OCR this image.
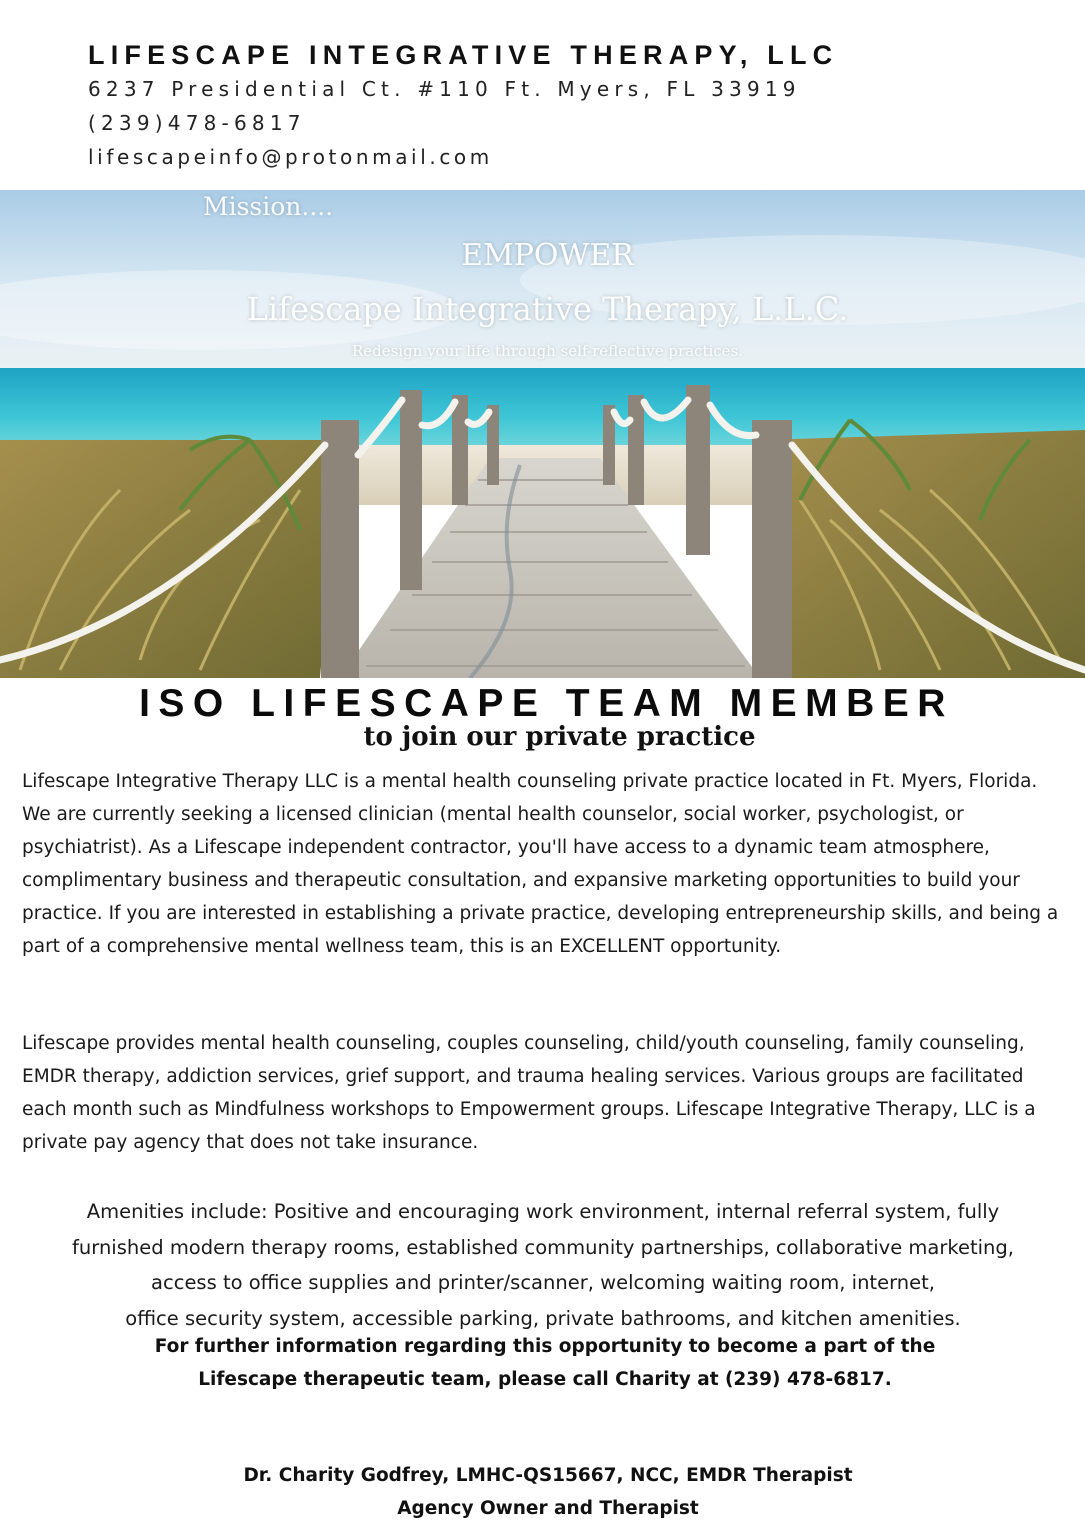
LIFESCAPE INTEGRATIVE THERAPY, LLC
6237 Presidential Ct. #110 Ft. Myers, FL 33919
(239)478-6817
lifescapeinfo@protonmail.com
Mission....
EMPOWER
Lifescape Integrative Therapy, L.L.C.
Redesign your life through self-reflective practices.
ISO LIFESCAPE TEAM MEMBER
to join our private practice

Lifescape Integrative Therapy LLC is a mental health counseling private practice located in Ft. Myers, Florida. We are currently seeking a licensed clinician (mental health counselor, social worker, psychologist, or psychiatrist). As a Lifescape independent contractor, you'll have access to a dynamic team atmosphere, complimentary business and therapeutic consultation, and expansive marketing opportunities to build your practice. If you are interested in establishing a private practice, developing entrepreneurship skills, and being a part of a comprehensive mental wellness team, this is an EXCELLENT opportunity.

Lifescape provides mental health counseling, couples counseling, child/youth counseling, family counseling, EMDR therapy, addiction services, grief support, and trauma healing services. Various groups are facilitated each month such as Mindfulness workshops to Empowerment groups. Lifescape Integrative Therapy, LLC is a private pay agency that does not take insurance.

Amenities include: Positive and encouraging work environment, internal referral system, fully
furnished modern therapy rooms, established community partnerships, collaborative marketing,
access to office supplies and printer/scanner, welcoming waiting room, internet,
office security system, accessible parking, private bathrooms, and kitchen amenities.
For further information regarding this opportunity to become a part of the
Lifescape therapeutic team, please call Charity at (239) 478-6817.
Dr. Charity Godfrey, LMHC-QS15667, NCC, EMDR Therapist
Agency Owner and Therapist
